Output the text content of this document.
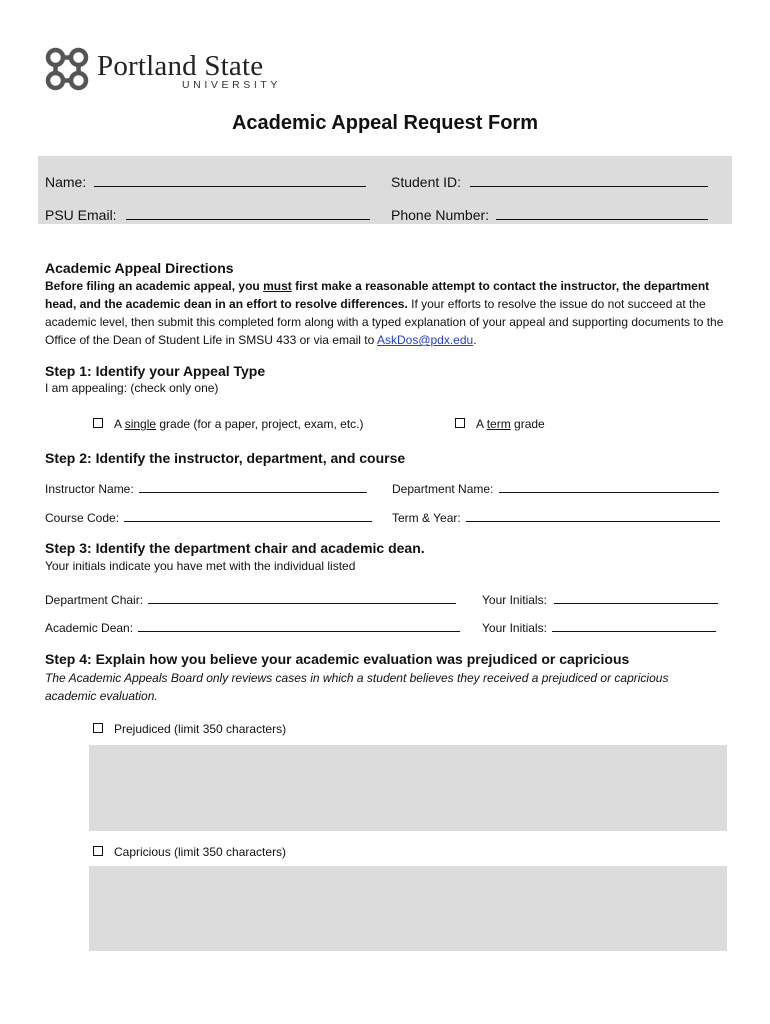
Portland State
UNIVERSITY
Academic Appeal Request Form
Name:	Student ID:
PSU Email:	Phone Number:
Academic Appeal Directions
Before filing an academic appeal, you must first make a reasonable attempt to contact the instructor, the department head, and the academic dean in an effort to resolve differences. If your efforts to resolve the issue do not succeed at the academic level, then submit this completed form along with a typed explanation of your appeal and supporting documents to the Office of the Dean of Student Life in SMSU 433 or via email to AskDos@pdx.edu.
Step 1: Identify your Appeal Type
I am appealing: (check only one)
A single grade (for a paper, project, exam, etc.)	A term grade
Step 2: Identify the instructor, department, and course
Instructor Name:	Department Name:
Course Code:	Term & Year:
Step 3: Identify the department chair and academic dean.
Your initials indicate you have met with the individual listed
Department Chair:	Your Initials:
Academic Dean:	Your Initials:
Step 4: Explain how you believe your academic evaluation was prejudiced or capricious
The Academic Appeals Board only reviews cases in which a student believes they received a prejudiced or capricious academic evaluation.
Prejudiced (limit 350 characters)
Capricious (limit 350 characters)
